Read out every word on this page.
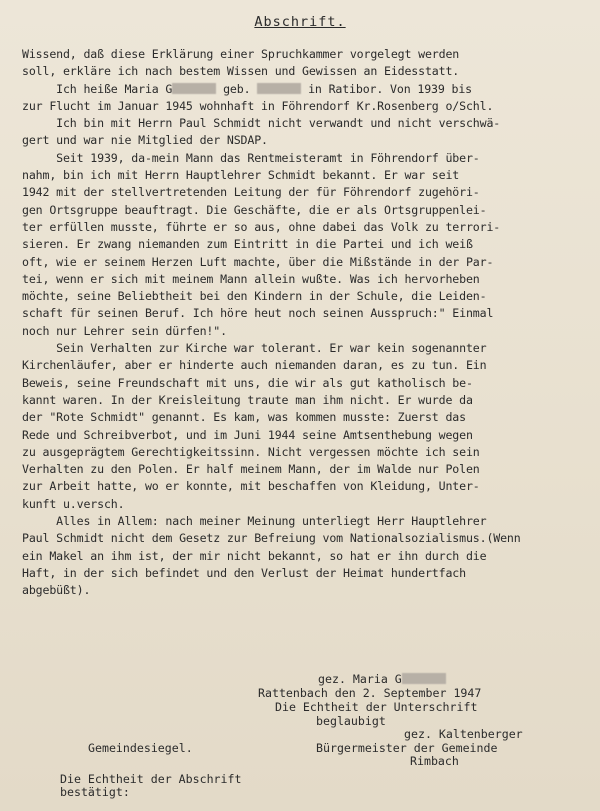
Abschrift.
Wissend, daß diese Erklärung einer Spruchkammer vorgelegt werden
soll, erkläre ich nach bestem Wissen und Gewissen an Eidesstatt.
Ich heiße Maria G	geb.	in Ratibor. Von 1939 bis
zur Flucht im Januar 1945 wohnhaft in Föhrendorf Kr.Rosenberg o/Schl.
Ich bin mit Herrn Paul Schmidt nicht verwandt und nicht verschwä-
gert und war nie Mitglied der NSDAP.
Seit 1939, da-mein Mann das Rentmeisteramt in Föhrendorf über-
nahm, bin ich mit Herrn Hauptlehrer Schmidt bekannt. Er war seit
1942 mit der stellvertretenden Leitung der für Föhrendorf zugehöri-
gen Ortsgruppe beauftragt. Die Geschäfte, die er als Ortsgruppenlei-
ter erfüllen musste, führte er so aus, ohne dabei das Volk zu terrori-
sieren. Er zwang niemanden zum Eintritt in die Partei und ich weiß
oft, wie er seinem Herzen Luft machte, über die Mißstände in der Par-
tei, wenn er sich mit meinem Mann allein wußte. Was ich hervorheben
möchte, seine Beliebtheit bei den Kindern in der Schule, die Leiden-
schaft für seinen Beruf. Ich höre heut noch seinen Ausspruch:" Einmal
noch nur Lehrer sein dürfen!".
Sein Verhalten zur Kirche war tolerant. Er war kein sogenannter
Kirchenläufer, aber er hinderte auch niemanden daran, es zu tun. Ein
Beweis, seine Freundschaft mit uns, die wir als gut katholisch be-
kannt waren. In der Kreisleitung traute man ihm nicht. Er wurde da
der "Rote Schmidt" genannt. Es kam, was kommen musste: Zuerst das
Rede und Schreibverbot, und im Juni 1944 seine Amtsenthebung wegen
zu ausgeprägtem Gerechtigkeitssinn. Nicht vergessen möchte ich sein
Verhalten zu den Polen. Er half meinem Mann, der im Walde nur Polen
zur Arbeit hatte, wo er konnte, mit beschaffen von Kleidung, Unter-
kunft u.versch.
Alles in Allem: nach meiner Meinung unterliegt Herr Hauptlehrer
Paul Schmidt nicht dem Gesetz zur Befreiung vom Nationalsozialismus.(Wenn
ein Makel an ihm ist, der mir nicht bekannt, so hat er ihn durch die
Haft, in der sich befindet und den Verlust der Heimat hundertfach
abgebüßt).
gez. Maria G
Rattenbach den 2. September 1947
Die Echtheit der Unterschrift
beglaubigt
gez. Kaltenberger
Gemeindesiegel.	Bürgermeister der Gemeinde
Rimbach
Die Echtheit der Abschrift
bestätigt:
